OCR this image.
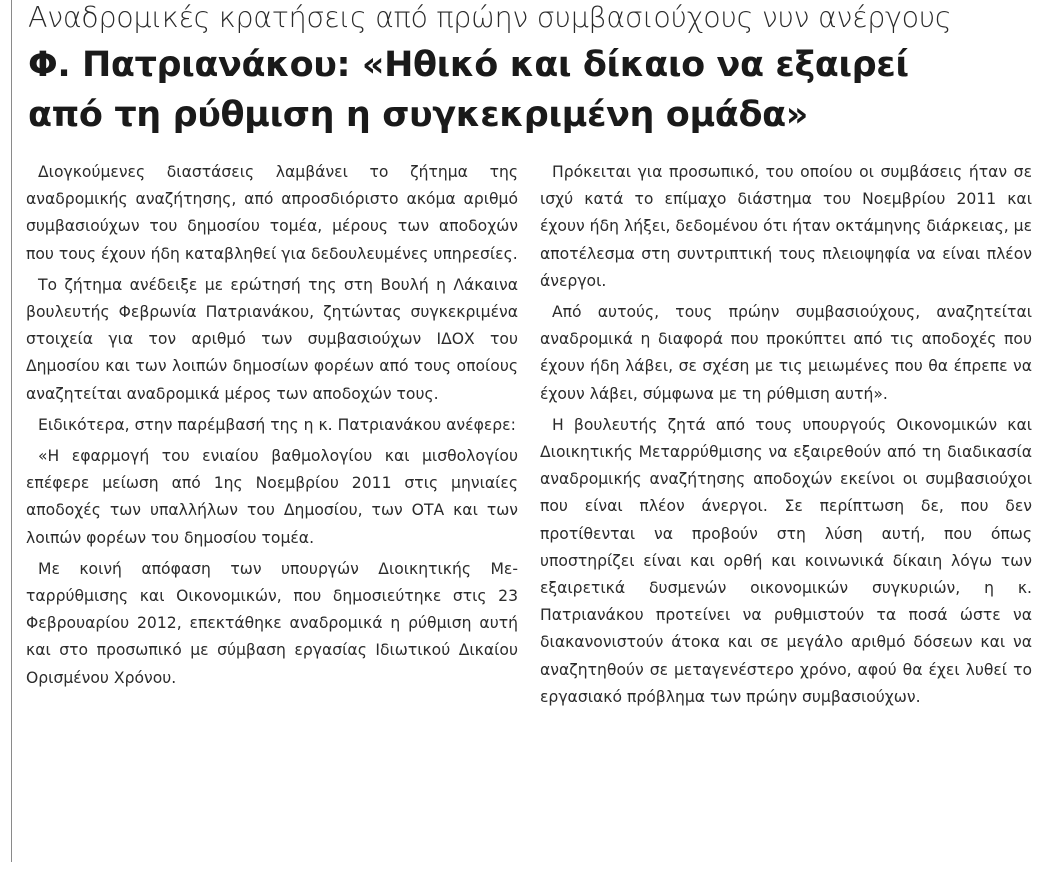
Αναδρομικές κρατήσεις από πρώην συμβασιούχους νυν ανέργους
Φ. Πατριανάκου: «Ηθικό και δίκαιο να εξαιρεί
από τη ρύθμιση η συγκεκριμένη ομάδα»

Διογκούμενες διαστάσεις λαμβάνει το ζήτημα της αναδρομικής αναζήτησης, από απροσδιόριστο ακόμα αριθμό συμβασιούχων του δημοσίου τομέα, μέρους των αποδοχών που τους έχουν ήδη καταβληθεί για δεδουλευμένες υπηρεσίες.

Το ζήτημα ανέδειξε με ερώτησή της στη Βουλή η Λάκαινα βουλευτής Φεβρωνία Πατριανάκου, ζητώντας συγκεκριμένα στοιχεία για τον αριθμό των συμβασιούχων ΙΔΟΧ του Δημοσίου και των λοιπών δημοσίων φορέων από τους οποίους αναζητείται αναδρομικά μέρος των αποδοχών τους.

Ειδικότερα, στην παρέμβασή της η κ. Πατριανάκου ανέφερε:

«Η εφαρμογή του ενιαίου βαθμολογίου και μισθολογίου επέφερε μείωση από 1ης Νοεμβρίου 2011 στις μηνιαίες αποδοχές των υπαλλήλων του Δημοσίου, των ΟΤΑ και των λοιπών φορέων του δημοσίου τομέα.

Με κοινή απόφαση των υπουργών Διοικητικής Μεταρρύθμισης και Οικονομικών, που δημοσιεύτηκε στις 23 Φεβρουαρίου 2012, επεκτάθηκε αναδρομικά η ρύθμιση αυτή και στο προσωπικό με σύμβαση εργασίας Ιδιωτικού Δικαίου Ορισμένου Χρόνου.

Πρόκειται για προσωπικό, του οποίου οι συμβάσεις ήταν σε ισχύ κατά το επίμαχο διάστημα του Νοεμβρίου 2011 και έχουν ήδη λήξει, δεδομένου ότι ήταν οκτάμηνης διάρκειας, με αποτέλεσμα στη συντριπτική τους πλειοψηφία να είναι πλέον άνεργοι.

Από αυτούς, τους πρώην συμβασιούχους, αναζητείται αναδρομικά η διαφορά που προκύπτει από τις αποδοχές που έχουν ήδη λάβει, σε σχέση με τις μειωμένες που θα έπρεπε να έχουν λάβει, σύμφωνα με τη ρύθμιση αυτή».

Η βουλευτής ζητά από τους υπουργούς Οικονομικών και Διοικητικής Μεταρρύθμισης να εξαιρεθούν από τη διαδικασία αναδρομικής αναζήτησης αποδοχών εκείνοι οι συμβασιούχοι που είναι πλέον άνεργοι. Σε περίπτωση δε, που δεν προτίθενται να προβούν στη λύση αυτή, που όπως υποστηρίζει είναι και ορθή και κοινωνικά δίκαιη λόγω των εξαιρετικά δυσμενών οικονομικών συγκυριών, η κ. Πατριανάκου προτείνει να ρυθμιστούν τα ποσά ώστε να διακανονιστούν άτοκα και σε μεγάλο αριθμό δόσεων και να αναζητηθούν σε μεταγενέστερο χρόνο, αφού θα έχει λυθεί το εργασιακό πρόβλημα των πρώην συμβασιούχων.
